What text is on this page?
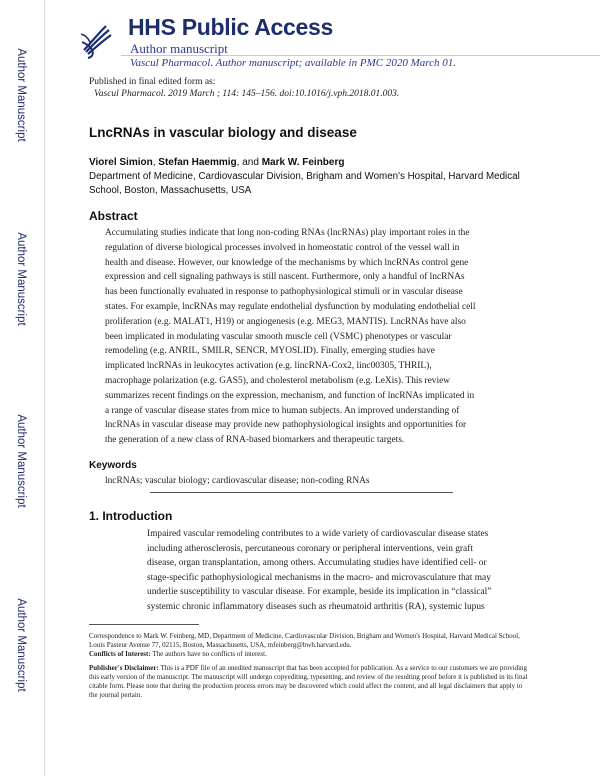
HHS Public Access
Author manuscript
Vascul Pharmacol. Author manuscript; available in PMC 2020 March 01.
Author Manuscript
Author Manuscript
Author Manuscript
Author Manuscript
Published in final edited form as:
Vascul Pharmacol. 2019 March ; 114: 145–156. doi:10.1016/j.vph.2018.01.003.
LncRNAs in vascular biology and disease
Viorel Simion, Stefan Haemmig, and Mark W. Feinberg
Department of Medicine, Cardiovascular Division, Brigham and Women's Hospital, Harvard Medical School, Boston, Massachusetts, USA
Abstract
Accumulating studies indicate that long non-coding RNAs (lncRNAs) play important roles in the
regulation of diverse biological processes involved in homeostatic control of the vessel wall in
health and disease. However, our knowledge of the mechanisms by which lncRNAs control gene
expression and cell signaling pathways is still nascent. Furthermore, only a handful of lncRNAs
has been functionally evaluated in response to pathophysiological stimuli or in vascular disease
states. For example, lncRNAs may regulate endothelial dysfunction by modulating endothelial cell
proliferation (e.g. MALAT1, H19) or angiogenesis (e.g. MEG3, MANTIS). LncRNAs have also
been implicated in modulating vascular smooth muscle cell (VSMC) phenotypes or vascular
remodeling (e.g. ANRIL, SMILR, SENCR, MYOSLID). Finally, emerging studies have
implicated lncRNAs in leukocytes activation (e.g. lincRNA-Cox2, linc00305, THRIL),
macrophage polarization (e.g. GAS5), and cholesterol metabolism (e.g. LeXis). This review
summarizes recent findings on the expression, mechanism, and function of lncRNAs implicated in
a range of vascular disease states from mice to human subjects. An improved understanding of
lncRNAs in vascular disease may provide new pathophysiological insights and opportunities for
the generation of a new class of RNA-based biomarkers and therapeutic targets.
Keywords
lncRNAs; vascular biology; cardiovascular disease; non-coding RNAs
1. Introduction
Impaired vascular remodeling contributes to a wide variety of cardiovascular disease states
including atherosclerosis, percutaneous coronary or peripheral interventions, vein graft
disease, organ transplantation, among others. Accumulating studies have identified cell- or
stage-specific pathophysiological mechanisms in the macro- and microvasculature that may
underlie susceptibility to vascular disease. For example, beside its implication in “classical”
systemic chronic inflammatory diseases such as rheumatoid arthritis (RA), systemic lupus
Correspondence to Mark W. Feinberg, MD, Department of Medicine, Cardiovascular Division, Brigham and Women's Hospital, Harvard Medical School, Louis Pasteur Avenue 77, 02115, Boston, Massachusetts, USA, mfeinberg@bwh.harvard.edu.
Conflicts of Interest: The authors have no conflicts of interest.
Publisher's Disclaimer: This is a PDF file of an unedited manuscript that has been accepted for publication. As a service to our customers we are providing this early version of the manuscript. The manuscript will undergo copyediting, typesetting, and review of the resulting proof before it is published in its final citable form. Please note that during the production process errors may be discovered which could affect the content, and all legal disclaimers that apply to the journal pertain.
